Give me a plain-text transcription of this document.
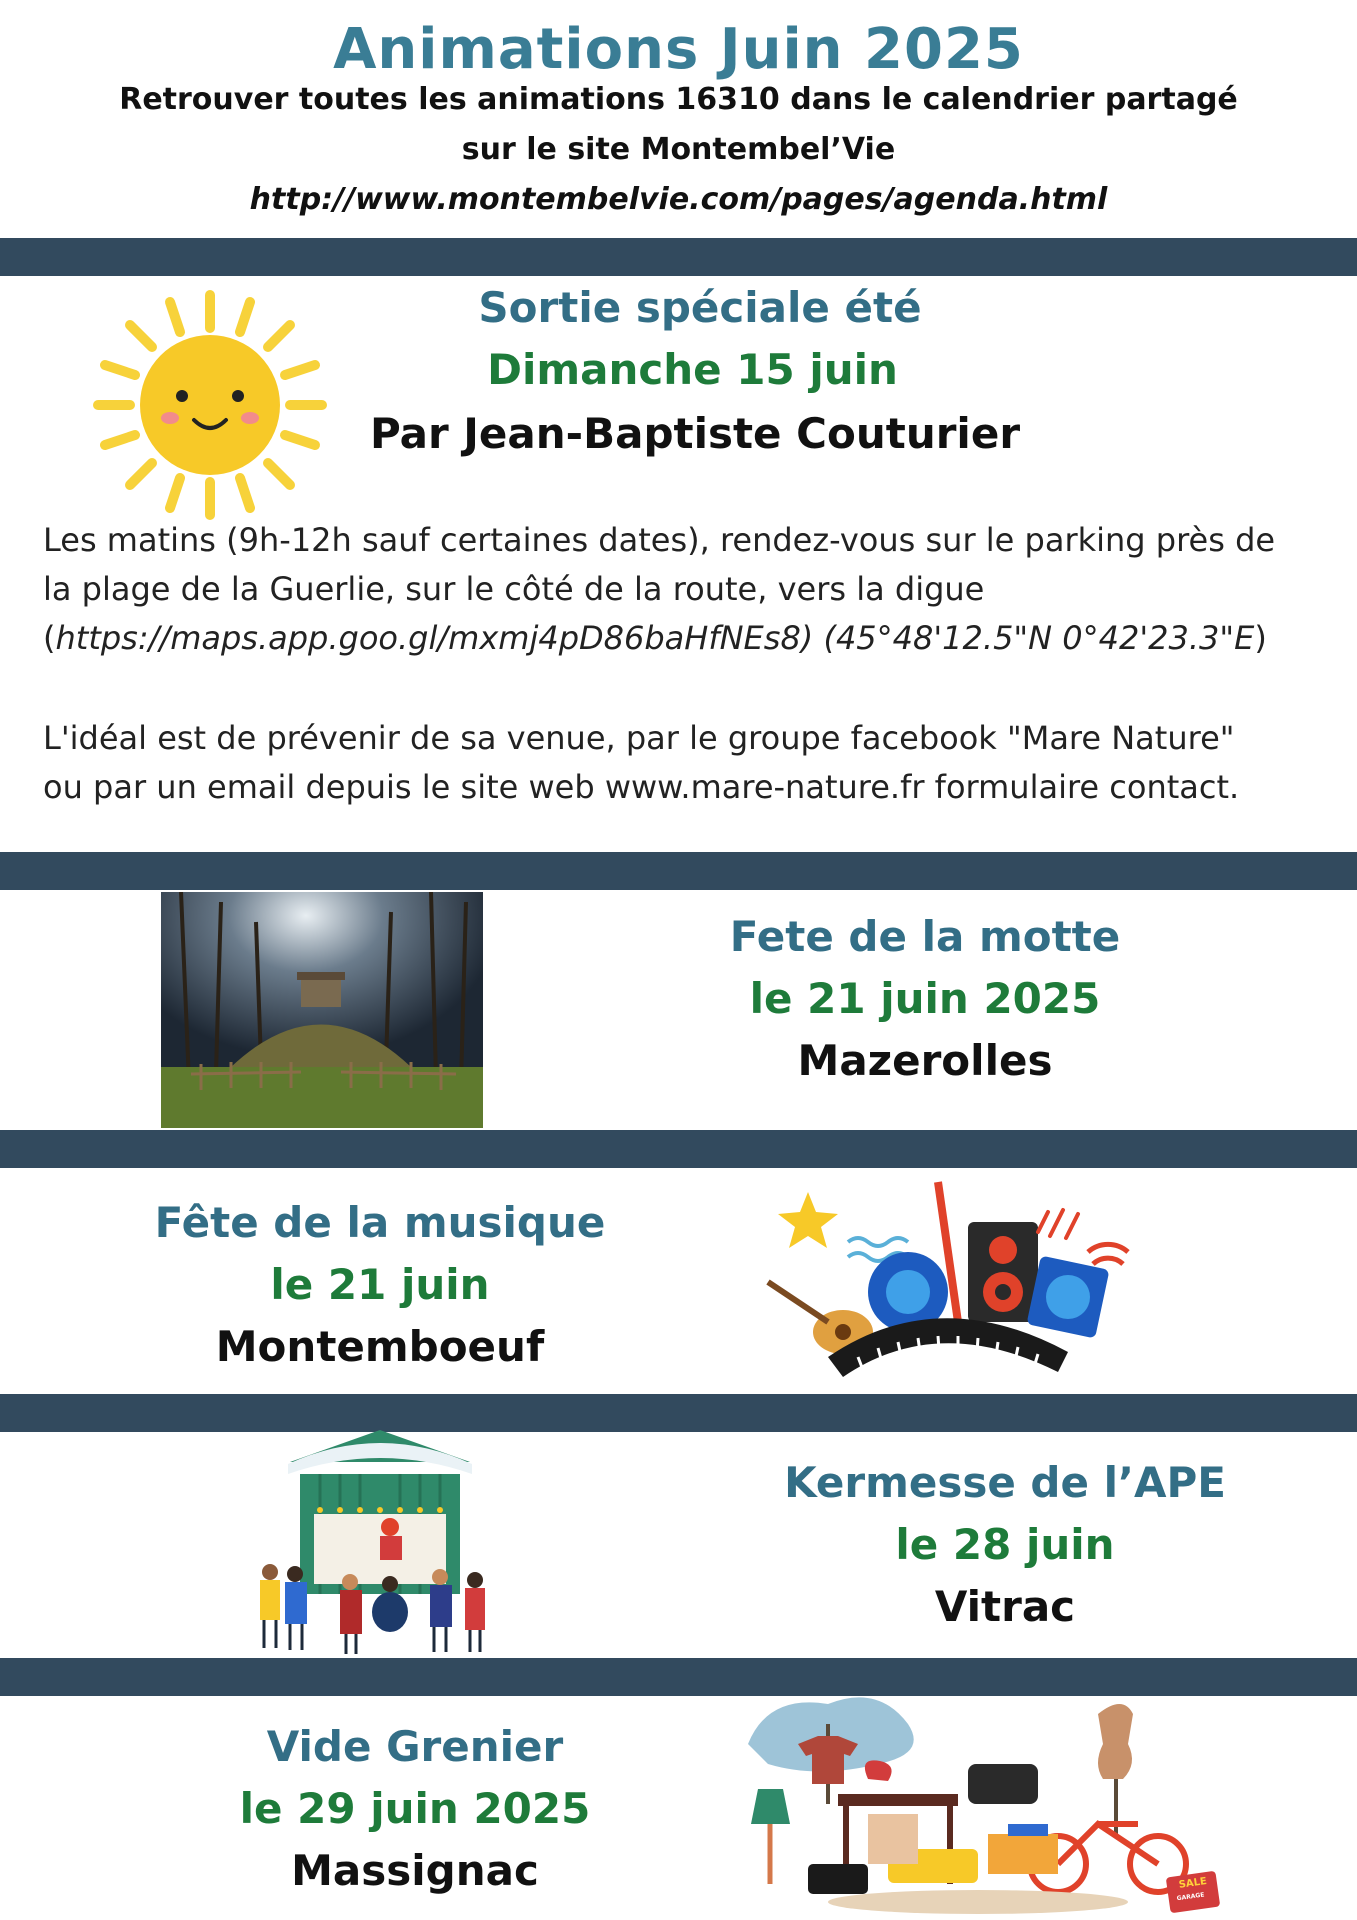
Animations Juin 2025
Retrouver toutes les animations 16310 dans le calendrier partagé
sur le site Montembel’Vie
http://www.montembelvie.com/pages/agenda.html
Sortie spéciale été
Dimanche 15 juin
Par Jean-Baptiste Couturier
Les matins (9h-12h sauf certaines dates), rendez-vous sur le parking près de
la plage de la Guerlie, sur le côté de la route, vers la digue
(https://maps.app.goo.gl/mxmj4pD86baHfNEs8) (45°48'12.5"N 0°42'23.3"E)
L'idéal est de prévenir de sa venue, par le groupe facebook "Mare Nature"
ou par un email depuis le site web www.mare-nature.fr formulaire contact.
Fete de la motte
le 21 juin 2025
Mazerolles
Fête de la musique
le 21 juin
Montemboeuf
Kermesse de l’APE
le 28 juin
Vitrac
Vide Grenier
le 29 juin 2025
Massignac	SALE
GARAGE
